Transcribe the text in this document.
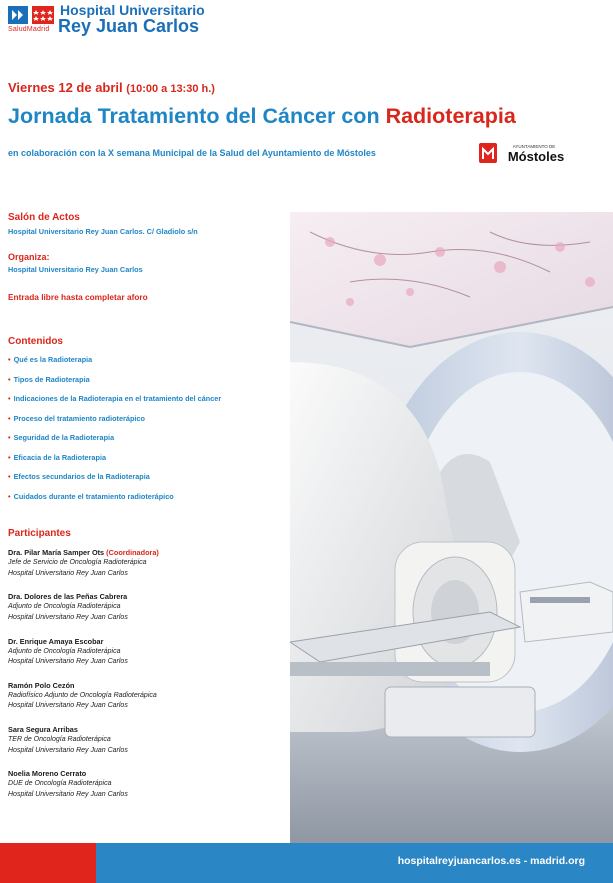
SaludMadrid
Hospital Universitario
Rey Juan Carlos
Viernes 12 de abril (10:00 a 13:30 h.)
Jornada Tratamiento del Cáncer con Radioterapia
en colaboración con la X semana Municipal de la Salud del Ayuntamiento de Móstoles
AYUNTAMIENTO DE
Móstoles
Salón de Actos
Hospital Universitario Rey Juan Carlos. C/ Gladiolo s/n
Organiza:
Hospital Universitario Rey Juan Carlos
Entrada libre hasta completar aforo
Contenidos
• Qué es la Radioterapia
• Tipos de Radioterapia
• Indicaciones de la Radioterapia en el tratamiento del cáncer
• Proceso del tratamiento radioterápico
• Seguridad de la Radioterapia
• Eficacia de la Radioterapia
• Efectos secundarios de la Radioterapia
• Cuidados durante el tratamiento radioterápico
Participantes
Dra. Pilar María Samper Ots (Coordinadora)
Jefe de Servicio de Oncología Radioterápica
Hospital Universitario Rey Juan Carlos
Dra. Dolores de las Peñas Cabrera
Adjunto de Oncología Radioterápica
Hospital Universitario Rey Juan Carlos
Dr. Enrique Amaya Escobar
Adjunto de Oncología Radioterápica
Hospital Universitario Rey Juan Carlos
Ramón Polo Cezón
Radiofísico Adjunto de Oncología Radioterápica
Hospital Universitario Rey Juan Carlos
Sara Segura Arribas
TER de Oncología Radioterápica
Hospital Universitario Rey Juan Carlos
Noelia Moreno Cerrato
DUE de Oncología Radioterápica
Hospital Universitario Rey Juan Carlos
hospitalreyjuancarlos.es - madrid.org
